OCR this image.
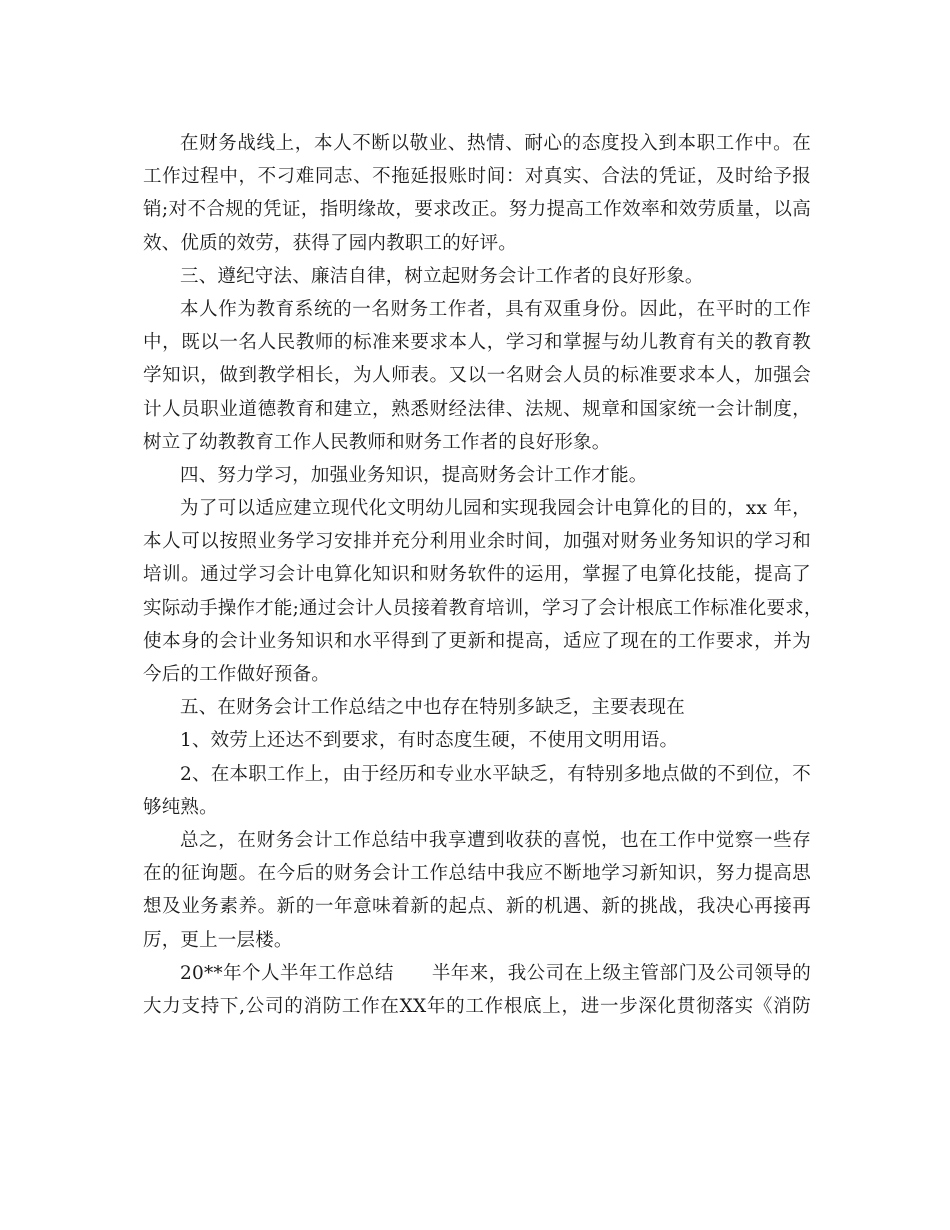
在财务战线上，本人不断以敬业、热情、耐心的态度投入到本职工作中。在
工作过程中，不刁难同志、不拖延报账时间：对真实、合法的凭证，及时给予报
销;对不合规的凭证，指明缘故，要求改正。努力提高工作效率和效劳质量，以高
效、优质的效劳，获得了园内教职工的好评。
三、遵纪守法、廉洁自律，树立起财务会计工作者的良好形象。
本人作为教育系统的一名财务工作者，具有双重身份。因此，在平时的工作
中，既以一名人民教师的标准来要求本人，学习和掌握与幼儿教育有关的教育教
学知识，做到教学相长，为人师表。又以一名财会人员的标准要求本人，加强会
计人员职业道德教育和建立，熟悉财经法律、法规、规章和国家统一会计制度，
树立了幼教教育工作人民教师和财务工作者的良好形象。
四、努力学习，加强业务知识，提高财务会计工作才能。
为了可以适应建立现代化文明幼儿园和实现我园会计电算化的目的，xx 年，
本人可以按照业务学习安排并充分利用业余时间，加强对财务业务知识的学习和
培训。通过学习会计电算化知识和财务软件的运用，掌握了电算化技能，提高了
实际动手操作才能;通过会计人员接着教育培训，学习了会计根底工作标准化要求，
使本身的会计业务知识和水平得到了更新和提高，适应了现在的工作要求，并为
今后的工作做好预备。
五、在财务会计工作总结之中也存在特别多缺乏，主要表现在
1、效劳上还达不到要求，有时态度生硬，不使用文明用语。
2、在本职工作上，由于经历和专业水平缺乏，有特别多地点做的不到位，不
够纯熟。
总之，在财务会计工作总结中我享遭到收获的喜悦，也在工作中觉察一些存
在的征询题。在今后的财务会计工作总结中我应不断地学习新知识，努力提高思
想及业务素养。新的一年意味着新的起点、新的机遇、新的挑战，我决心再接再
厉，更上一层楼。
20**年个人半年工作总结　　半年来，我公司在上级主管部门及公司领导的
大力支持下,公司的消防工作在XX年的工作根底上，进一步深化贯彻落实《消防
